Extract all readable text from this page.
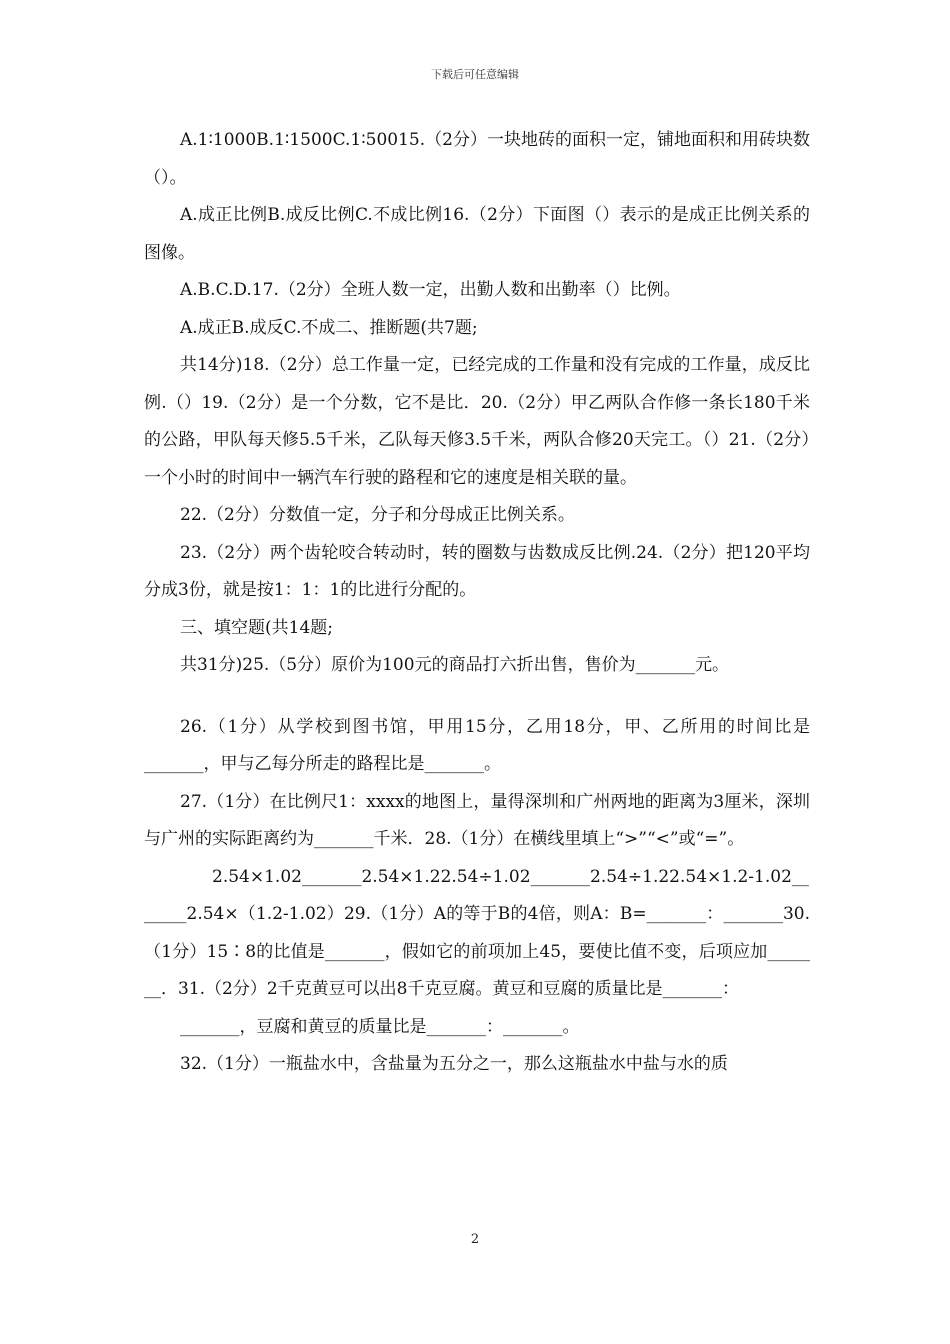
下载后可任意编辑

A.1∶1000B.1∶1500C.1∶50015.（2分）一块地砖的面积一定，铺地面积和用砖块数（）。

A.成正比例B.成反比例C.不成比例16.（2分）下面图（）表示的是成正比例关系的图像。

A.B.C.D.17.（2分）全班人数一定，出勤人数和出勤率（）比例。

A.成正B.成反C.不成二、推断题(共7题;

共14分)18.（2分）总工作量一定，已经完成的工作量和没有完成的工作量，成反比例.（）19.（2分）是一个分数，它不是比．20.（2分）甲乙两队合作修一条长180千米的公路，甲队每天修5.5千米，乙队每天修3.5千米，两队合修20天完工。（）21.（2分）一个小时的时间中一辆汽车行驶的路程和它的速度是相关联的量。

22.（2分）分数值一定，分子和分母成正比例关系。

23.（2分）两个齿轮咬合转动时，转的圈数与齿数成反比例.24.（2分）把120平均分成3份，就是按1：1：1的比进行分配的。

三、填空题(共14题;

共31分)25.（5分）原价为100元的商品打六折出售，售价为_______元。

26.（1分）从学校到图书馆，甲用15分，乙用18分，甲、乙所用的时间比是_______，甲与乙每分所走的路程比是_______。

27.（1分）在比例尺1：xxxx的地图上，量得深圳和广州两地的距离为3厘米，深圳与广州的实际距离约为_______千米．28.（1分）在横线里填上“>”“<”或“=”。

2.54×1.02_______2.54×1.22.54÷1.02_______2.54÷1.22.54×1.2-1.02_______2.54×（1.2-1.02）29.（1分）A的等于B的4倍，则A：B=_______：_______30.（1分）15∶8的比值是_______，假如它的前项加上45，要使比值不变，后项应加_______．31.（2分）2千克黄豆可以出8千克豆腐。黄豆和豆腐的质量比是_______：

_______，豆腐和黄豆的质量比是_______：_______。

32.（1分）一瓶盐水中，含盐量为五分之一，那么这瓶盐水中盐与水的质

2
